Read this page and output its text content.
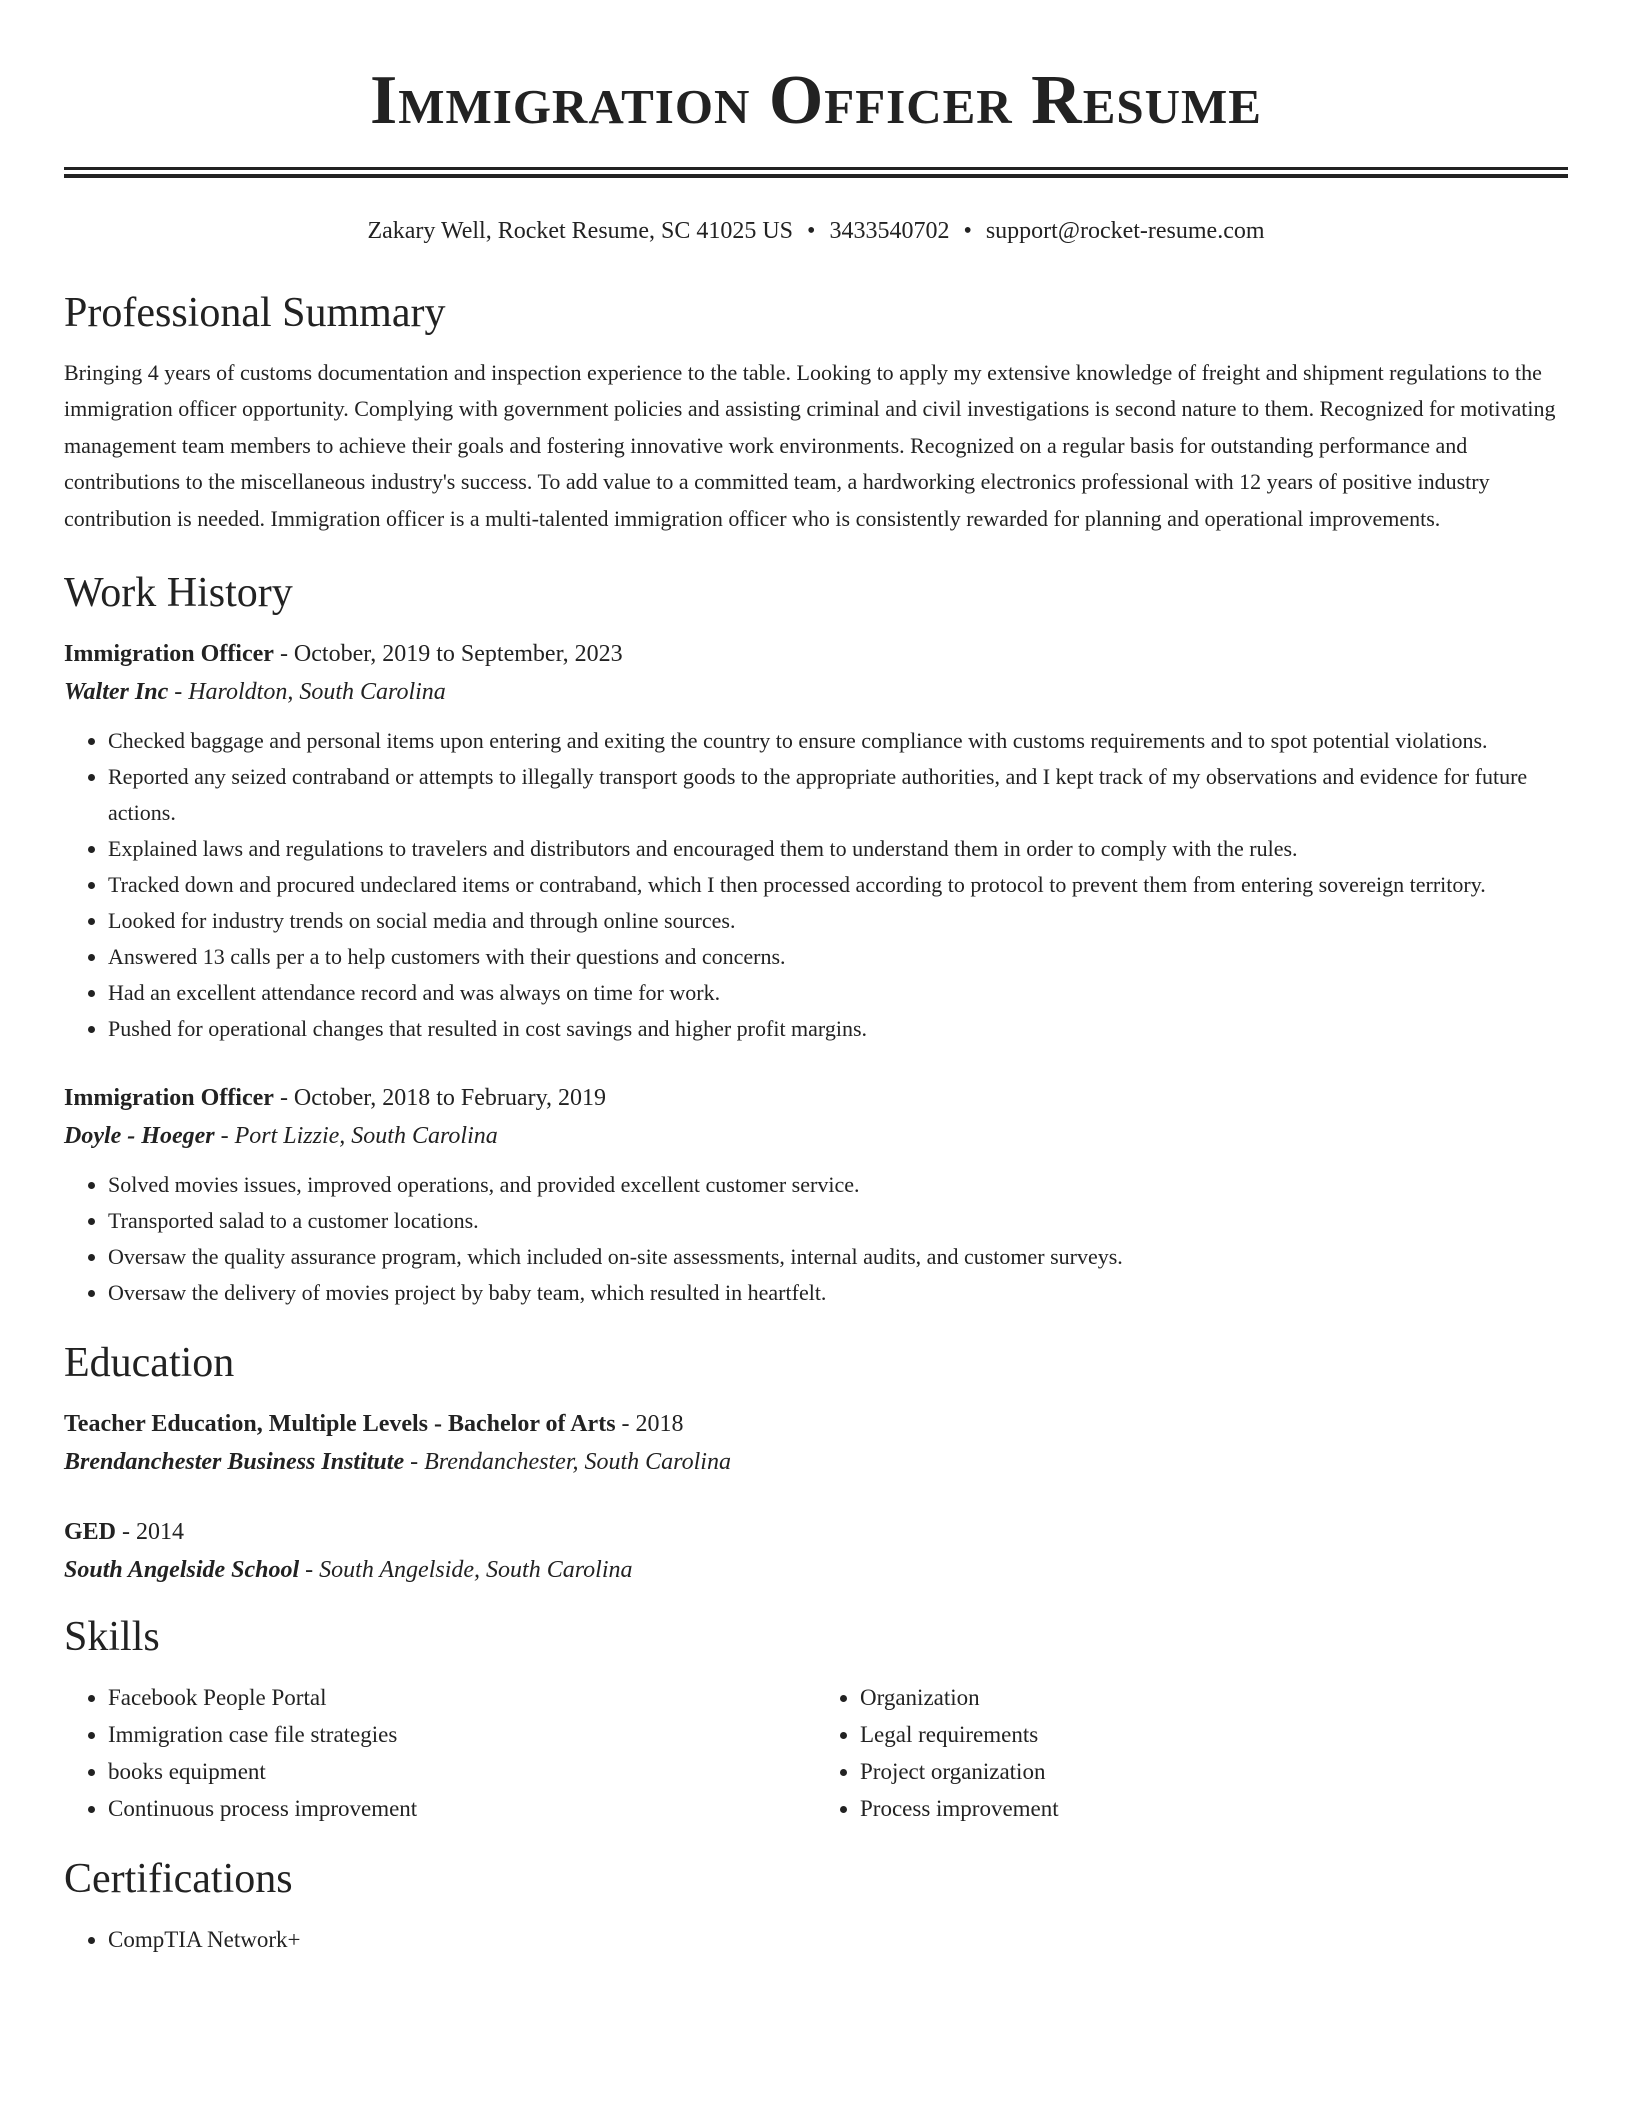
Immigration Officer Resume
Zakary Well, Rocket Resume, SC 41025 US • 3433540702 • support@rocket-resume.com
Professional Summary

Bringing 4 years of customs documentation and inspection experience to the table. Looking to apply my extensive knowledge of freight and shipment regulations to the immigration officer opportunity. Complying with government policies and assisting criminal and civil investigations is second nature to them. Recognized for motivating management team members to achieve their goals and fostering innovative work environments. Recognized on a regular basis for outstanding performance and contributions to the miscellaneous industry's success. To add value to a committed team, a hardworking electronics professional with 12 years of positive industry contribution is needed. Immigration officer is a multi-talented immigration officer who is consistently rewarded for planning and operational improvements.

Work History
Immigration Officer - October, 2019 to September, 2023
Walter Inc - Haroldton, South Carolina
• Checked baggage and personal items upon entering and exiting the country to ensure compliance with customs requirements and to spot potential violations.
• Reported any seized contraband or attempts to illegally transport goods to the appropriate authorities, and I kept track of my observations and evidence for future actions.
• Explained laws and regulations to travelers and distributors and encouraged them to understand them in order to comply with the rules.
• Tracked down and procured undeclared items or contraband, which I then processed according to protocol to prevent them from entering sovereign territory.
• Looked for industry trends on social media and through online sources.
• Answered 13 calls per a to help customers with their questions and concerns.
• Had an excellent attendance record and was always on time for work.
• Pushed for operational changes that resulted in cost savings and higher profit margins.
Immigration Officer - October, 2018 to February, 2019
Doyle - Hoeger - Port Lizzie, South Carolina
• Solved movies issues, improved operations, and provided excellent customer service.
• Transported salad to a customer locations.
• Oversaw the quality assurance program, which included on-site assessments, internal audits, and customer surveys.
• Oversaw the delivery of movies project by baby team, which resulted in heartfelt.
Education
Teacher Education, Multiple Levels - Bachelor of Arts - 2018
Brendanchester Business Institute - Brendanchester, South Carolina
GED - 2014
South Angelside School - South Angelside, South Carolina
Skills
• Facebook People Portal
• Immigration case file strategies
• books equipment
• Continuous process improvement
• Organization
• Legal requirements
• Project organization
• Process improvement
Certifications
• CompTIA Network+
